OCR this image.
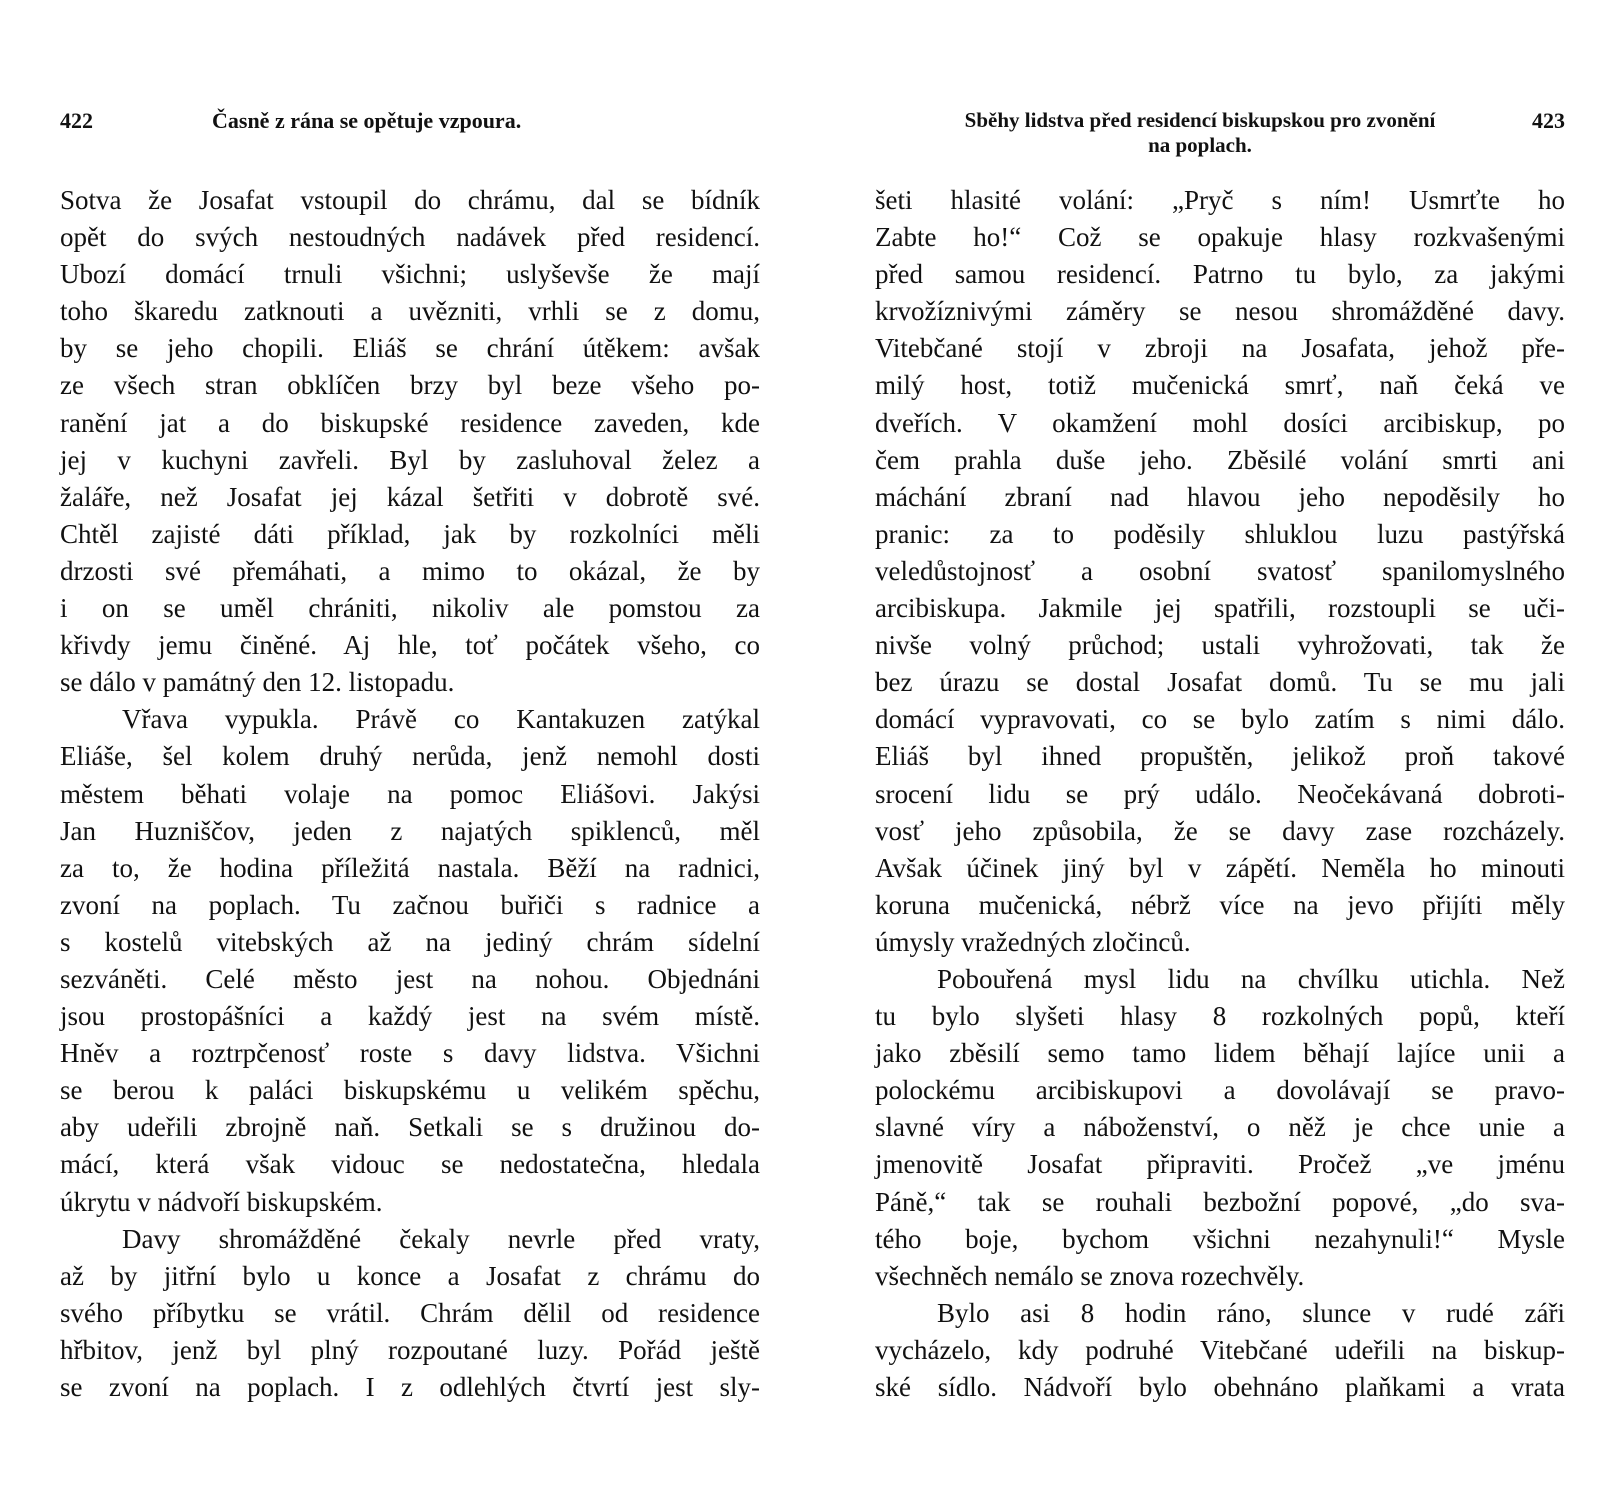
422	Časně z rána se opětuje vzpoura.
Sotva že Josafat vstoupil do chrámu, dal se bídník
opět do svých nestoudných nadávek před residencí.
Ubozí domácí trnuli všichni; uslyševše že mají
toho škaredu zatknouti a uvězniti, vrhli se z domu,
by se jeho chopili. Eliáš se chrání útěkem: avšak
ze všech stran obklíčen brzy byl beze všeho po-
ranění jat a do biskupské residence zaveden, kde
jej v kuchyni zavřeli. Byl by zasluhoval želez a
žalářе, než Josafat jej kázal šetřiti v dobrotě své.
Chtěl zajisté dáti příklad, jak by rozkolníci měli
drzosti své přemáhati, a mimo to okázal, že by
i on se uměl chrániti, nikoliv ale pomstou za
křivdy jemu činěné. Aj hle, toť počátek všeho, co
se dálo v památný den 12. listopadu.
Vřava vypukla. Právě co Kantakuzen zatýkal
Eliáše, šel kolem druhý nerůda, jenž nemohl dosti
městem běhati volaje na pomoc Eliášovi. Jakýsi
Jan Huzniščov, jeden z najatých spiklenců, měl
za to, že hodina příležitá nastala. Běží na radnici,
zvoní na poplach. Tu začnou buřiči s radnice a
s kostelů vitebských až na jediný chrám sídelní
sezváněti. Celé město jest na nohou. Objednáni
jsou prostopášníci a každý jest na svém místě.
Hněv a roztrpčenosť roste s davy lidstva. Všichni
se berou k paláci biskupskému u velikém spěchu,
aby udeřili zbrojně naň. Setkali se s družinou do-
mácí, která však vidouc se nedostatečna, hledala
úkrytu v nádvoří biskupském.
Davy shromážděné čekaly nevrle před vraty,
až by jitřní bylo u konce a Josafat z chrámu do
svého příbytku se vrátil. Chrám dělil od residence
hřbitov, jenž byl plný rozpoutané luzy. Pořád ještě
se zvoní na poplach. I z odlehlých čtvrtí jest sly-
Sběhy lidstva před residencí biskupskou pro zvonění
na poplach.
423
šeti hlasité volání: „Pryč s ním! Usmrťte ho
Zabte ho!“ Což se opakuje hlasy rozkvašenými
před samou residencí. Patrno tu bylo, za jakými
krvožíznivými záměry se nesou shromážděné davy.
Vitebčané stojí v zbroji na Josafata, jehož pře-
milý host, totiž mučenická smrť, naň čeká ve
dveřích. V okamžení mohl dosíci arcibiskup, po
čem prahla duše jeho. Zběsilé volání smrti ani
máchání zbraní nad hlavou jeho nepoděsily ho
pranic: za to poděsily shluklou luzu pastýřská
veledůstojnosť a osobní svatosť spanilomyslného
arcibiskupa. Jakmile jej spatřili, rozstoupli se uči-
nivše volný průchod; ustali vyhrožovati, tak že
bez úrazu se dostal Josafat domů. Tu se mu jali
domácí vypravovati, co se bylo zatím s nimi dálo.
Eliáš byl ihned propuštěn, jelikož proň takové
srocení lidu se prý událo. Neočekávaná dobroti-
vosť jeho způsobila, že se davy zase rozcházely.
Avšak účinek jiný byl v zápětí. Neměla ho minouti
koruna mučenická, nébrž více na jevo přijíti měly
úmysly vražedných zločinců.
Pobouřená mysl lidu na chvílku utichla. Než
tu bylo slyšeti hlasy 8 rozkolných popů, kteří
jako zběsilí semo tamo lidem běhají lajíce unii a
polockému arcibiskupovi a dovolávají se pravo-
slavné víry a náboženství, o něž je chce unie a
jmenovitě Josafat připraviti. Pročež „ve jménu
Páně,“ tak se rouhali bezbožní popové, „do sva-
tého boje, bychom všichni nezahynuli!“ Mysle
všechněch nemálo se znova rozechvěly.
Bylo asi 8 hodin ráno, slunce v rudé záři
vycházelo, kdy podruhé Vitebčané udeřili na biskup-
ské sídlo. Nádvoří bylo obehnáno plaňkami a vrata
